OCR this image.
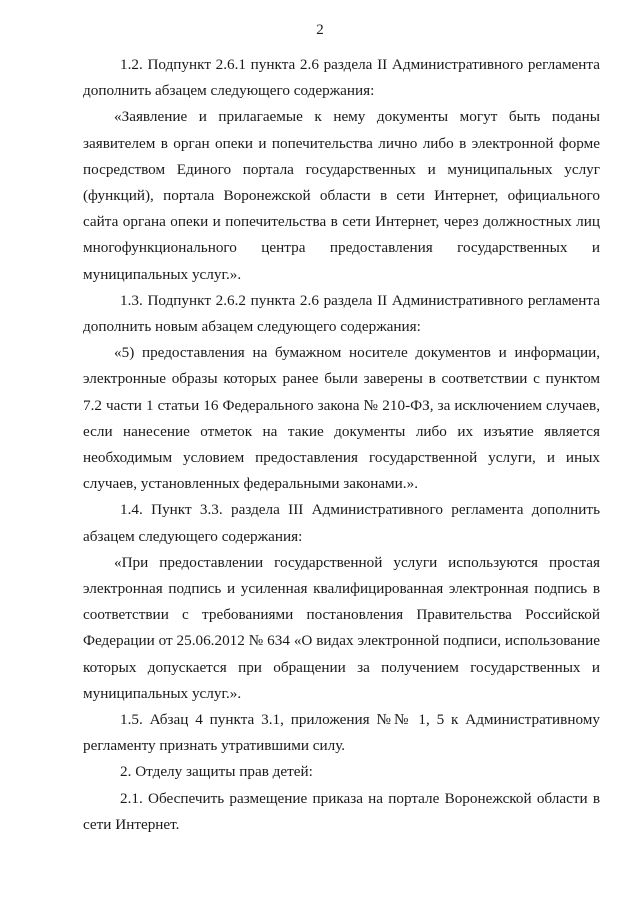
2

1.2. Подпункт 2.6.1 пункта 2.6 раздела II Административного регламента дополнить абзацем следующего содержания:

«Заявление и прилагаемые к нему документы могут быть поданы заявителем в орган опеки и попечительства лично либо в электронной форме посредством Единого портала государственных и муниципальных услуг (функций), портала Воронежской области в сети Интернет, официального сайта органа опеки и попечительства в сети Интернет, через должностных лиц многофункционального центра предоставления государственных и муниципальных услуг.».

1.3. Подпункт 2.6.2 пункта 2.6 раздела II Административного регламента дополнить новым абзацем следующего содержания:

«5) предоставления на бумажном носителе документов и информации, электронные образы которых ранее были заверены в соответствии с пунктом 7.2 части 1 статьи 16 Федерального закона № 210-ФЗ, за исключением случаев, если нанесение отметок на такие документы либо их изъятие является необходимым условием предоставления государственной услуги, и иных случаев, установленных федеральными законами.».

1.4. Пункт 3.3. раздела III Административного регламента дополнить абзацем следующего содержания:

«При предоставлении государственной услуги используются простая электронная подпись и усиленная квалифицированная электронная подпись в соответствии с требованиями постановления Правительства Российской Федерации от 25.06.2012 № 634 «О видах электронной подписи, использование которых допускается при обращении за получением государственных и муниципальных услуг.».

1.5. Абзац 4 пункта 3.1, приложения №№ 1, 5 к Административному регламенту признать утратившими силу.

2. Отделу защиты прав детей:

2.1. Обеспечить размещение приказа на портале Воронежской области в сети Интернет.
